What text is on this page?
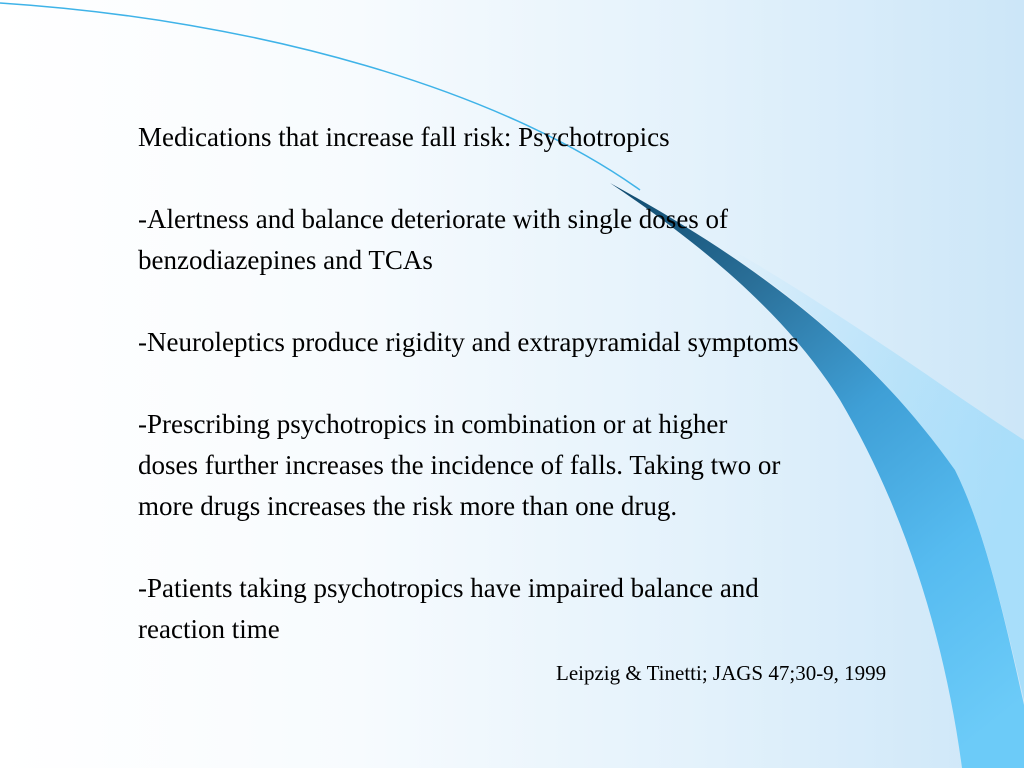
Medications that increase fall risk: Psychotropics

-Alertness and balance deteriorate with single doses of

benzodiazepines and TCAs

-Neuroleptics produce rigidity and extrapyramidal symptoms

-Prescribing psychotropics in combination or at higher

doses further increases the incidence of falls. Taking two or

more drugs increases the risk more than one drug.

-Patients taking psychotropics have impaired balance and

reaction time

Leipzig & Tinetti; JAGS 47;30-9, 1999
